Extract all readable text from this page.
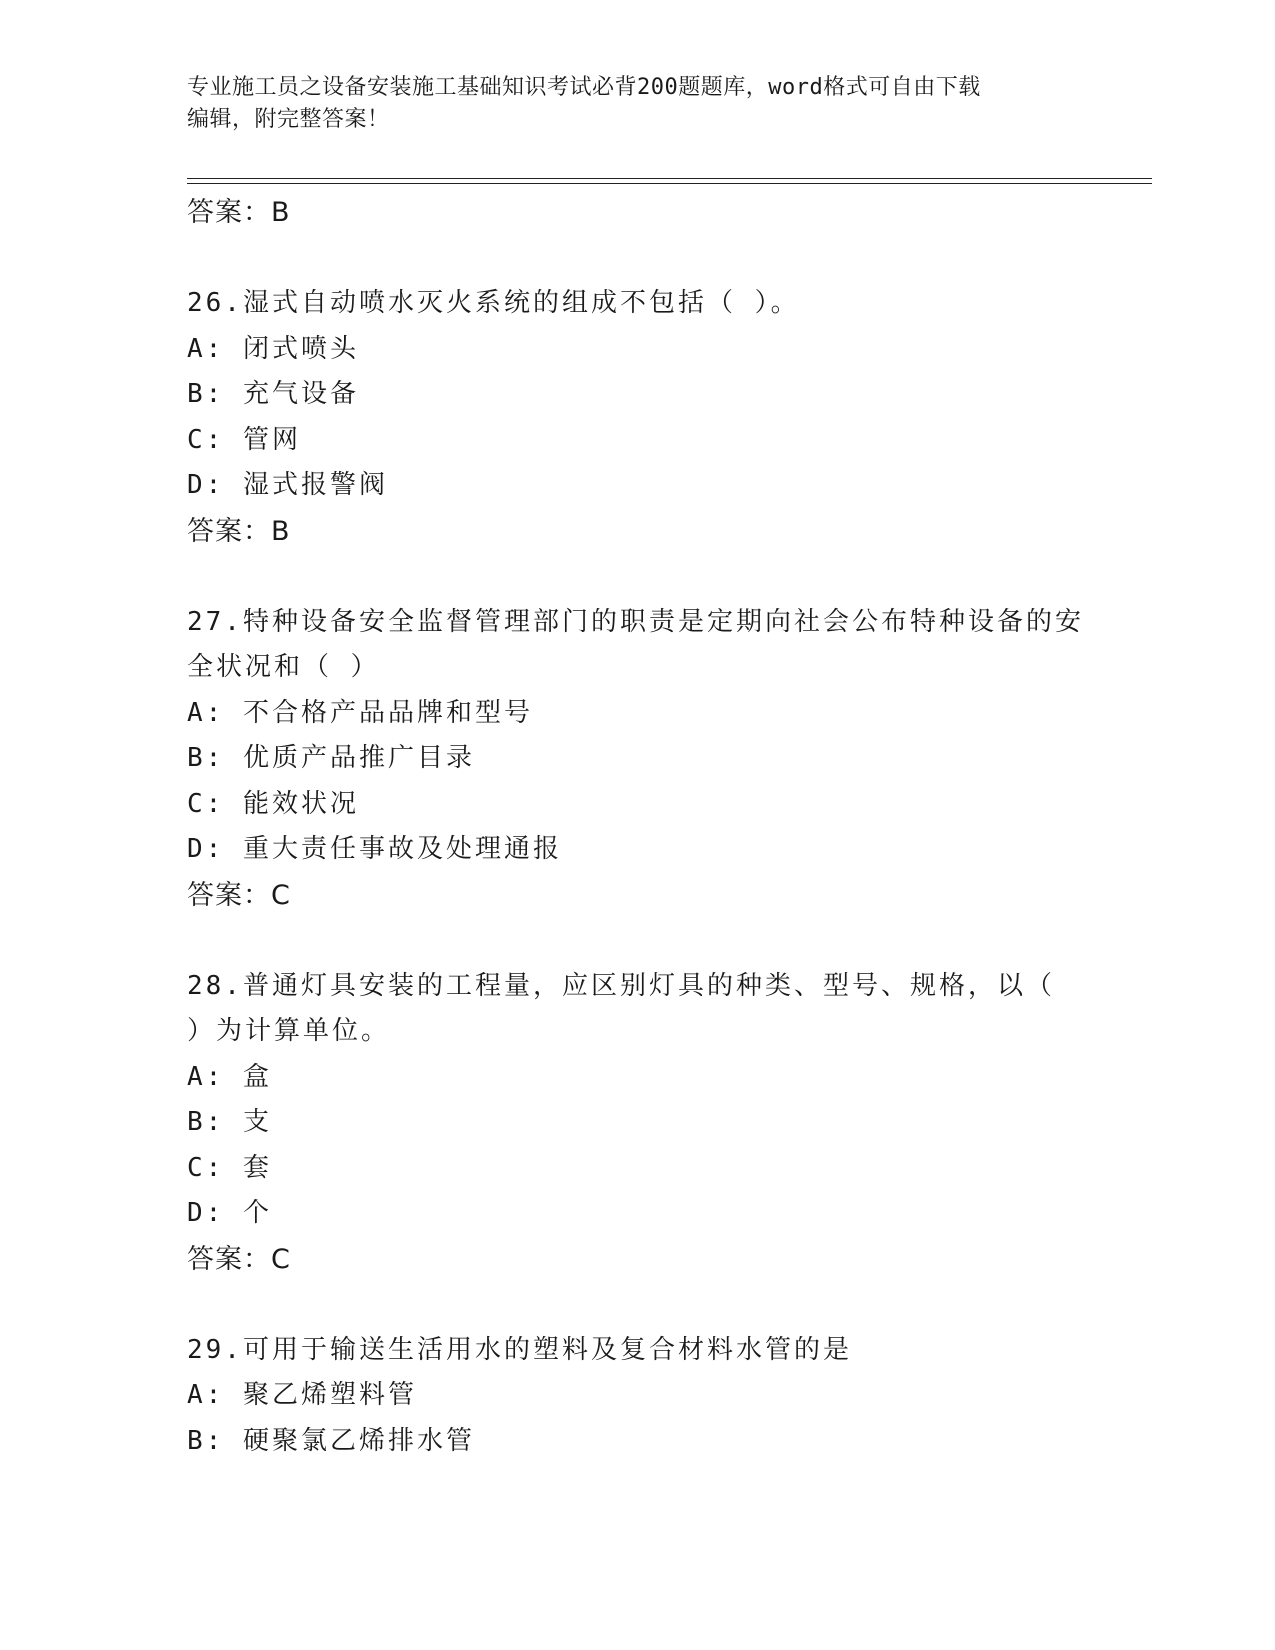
专业施工员之设备安装施工基础知识考试必背200题题库，word格式可自由下载
编辑，附完整答案！
答案：B
26.湿式自动喷水灭火系统的组成不包括（ ）。
A: 闭式喷头
B: 充气设备
C: 管网
D: 湿式报警阀
答案：B
27.特种设备安全监督管理部门的职责是定期向社会公布特种设备的安
全状况和（ ）
A: 不合格产品品牌和型号
B: 优质产品推广目录
C: 能效状况
D: 重大责任事故及处理通报
答案：C
28.普通灯具安装的工程量，应区别灯具的种类、型号、规格，以（
）为计算单位。
A: 盒
B: 支
C: 套
D: 个
答案：C
29.可用于输送生活用水的塑料及复合材料水管的是
A: 聚乙烯塑料管
B: 硬聚氯乙烯排水管
